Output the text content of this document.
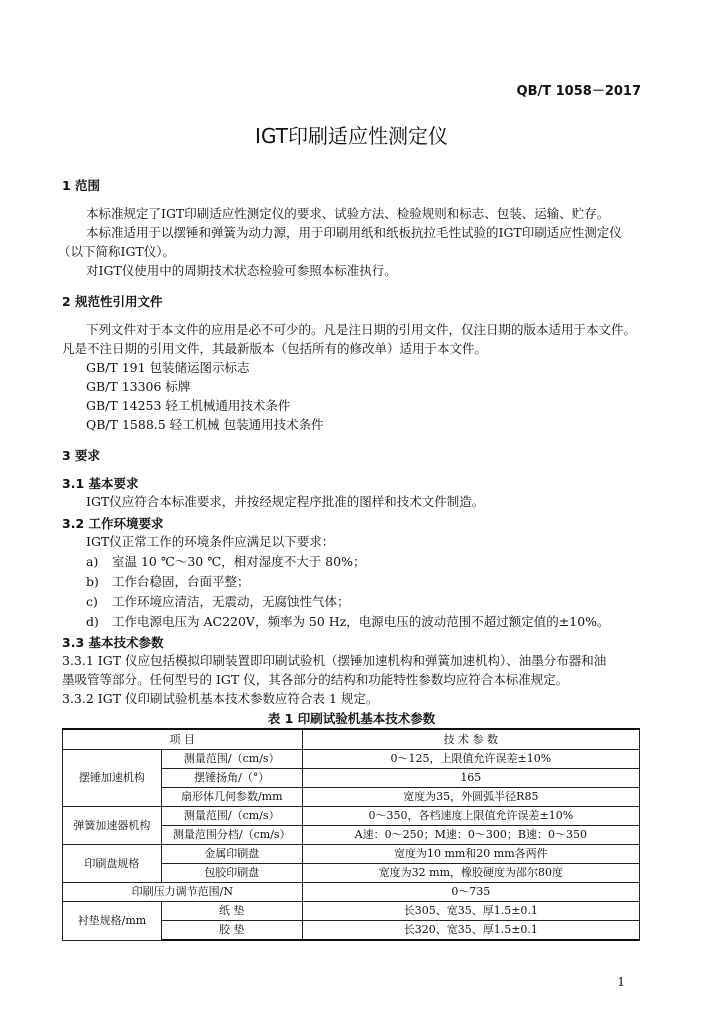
QB/T 1058－2017
IGT印刷适应性测定仪
1 范围
本标准规定了IGT印刷适应性测定仪的要求、试验方法、检验规则和标志、包装、运输、贮存。
本标准适用于以摆锤和弹簧为动力源，用于印刷用纸和纸板抗拉毛性试验的IGT印刷适应性测定仪
（以下简称IGT仪）。
对IGT仪使用中的周期技术状态检验可参照本标准执行。
2 规范性引用文件
下列文件对于本文件的应用是必不可少的。凡是注日期的引用文件，仅注日期的版本适用于本文件。
凡是不注日期的引用文件，其最新版本（包括所有的修改单）适用于本文件。
GB/T 191 包装储运图示标志
GB/T 13306 标牌
GB/T 14253 轻工机械通用技术条件
QB/T 1588.5 轻工机械 包装通用技术条件
3 要求
3.1 基本要求
IGT仪应符合本标准要求，并按经规定程序批准的图样和技术文件制造。
3.2 工作环境要求
IGT仪正常工作的环境条件应满足以下要求：
a) 室温 10 ℃～30 ℃，相对湿度不大于 80%；
b) 工作台稳固，台面平整；
c) 工作环境应清洁，无震动，无腐蚀性气体；
d) 工作电源电压为 AC220V，频率为 50 Hz，电源电压的波动范围不超过额定值的±10%。
3.3 基本技术参数
3.3.1 IGT 仪应包括模拟印刷装置即印刷试验机（摆锤加速机构和弹簧加速机构）、油墨分布器和油
墨吸管等部分。任何型号的 IGT 仪，其各部分的结构和功能特性参数均应符合本标准规定。
3.3.2 IGT 仪印刷试验机基本技术参数应符合表 1 规定。
表 1 印刷试验机基本技术参数
项 目		技 术 参 数
摆锤加速机构	测量范围/（cm/s）	0～125，上限值允许误差±10%
	摆锤扬角/（°）	165
	扇形体几何参数/mm	宽度为35，外圆弧半径R85
弹簧加速器机构	测量范围/（cm/s）	0～350，各档速度上限值允许误差±10%
	测量范围分档/（cm/s）	A速：0～250；M速：0～300；B速：0～350
印刷盘规格	金属印刷盘	宽度为10 mm和20 mm各两件
	包胶印刷盘	宽度为32 mm，橡胶硬度为邵尔80度
印刷压力调节范围/N		0～735
衬垫规格/mm	纸 垫	长305、宽35、厚1.5±0.1
	胶 垫	长320、宽35、厚1.5±0.1
1
